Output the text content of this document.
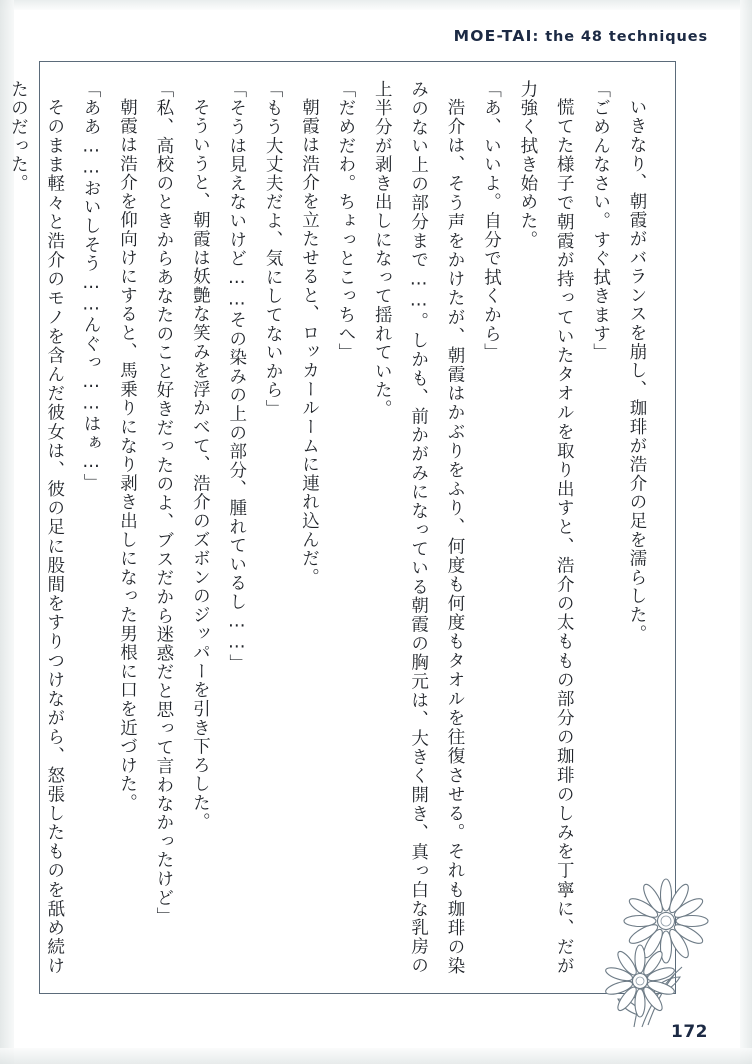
MOE-TAI: the 48 techniques

いきなり、朝霞がバランスを崩し、珈琲が浩介の足を濡らした。

「ごめんなさい。すぐ拭きます」

慌てた様子で朝霞が持っていたタオルを取り出すと、浩介の太ももの部分の珈琲のしみを丁寧に、だが力強く拭き始めた。

「あ、いいよ。自分で拭くから」

浩介は、そう声をかけたが、朝霞はかぶりをふり、何度も何度もタオルを往復させる。それも珈琲の染みのない上の部分まで……。しかも、前かがみになっている朝霞の胸元は、大きく開き、真っ白な乳房の上半分が剥き出しになって揺れていた。

「だめだわ。ちょっとこっちへ」

朝霞は浩介を立たせると、ロッカールームに連れ込んだ。

「もう大丈夫だよ、気にしてないから」

「そうは見えないけど……その染みの上の部分、腫れているし……」

そういうと、朝霞は妖艶な笑みを浮かべて、浩介のズボンのジッパーを引き下ろした。

「私、高校のときからあなたのこと好きだったのよ、ブスだから迷惑だと思って言わなかったけど」

朝霞は浩介を仰向けにすると、馬乗りになり剥き出しになった男根に口を近づけた。

「ああ……おいしそう……んぐっ……はぁ…」

そのまま軽々と浩介のモノを含んだ彼女は、彼の足に股間をすりつけながら、怒張したものを舐め続けたのだった。

172
